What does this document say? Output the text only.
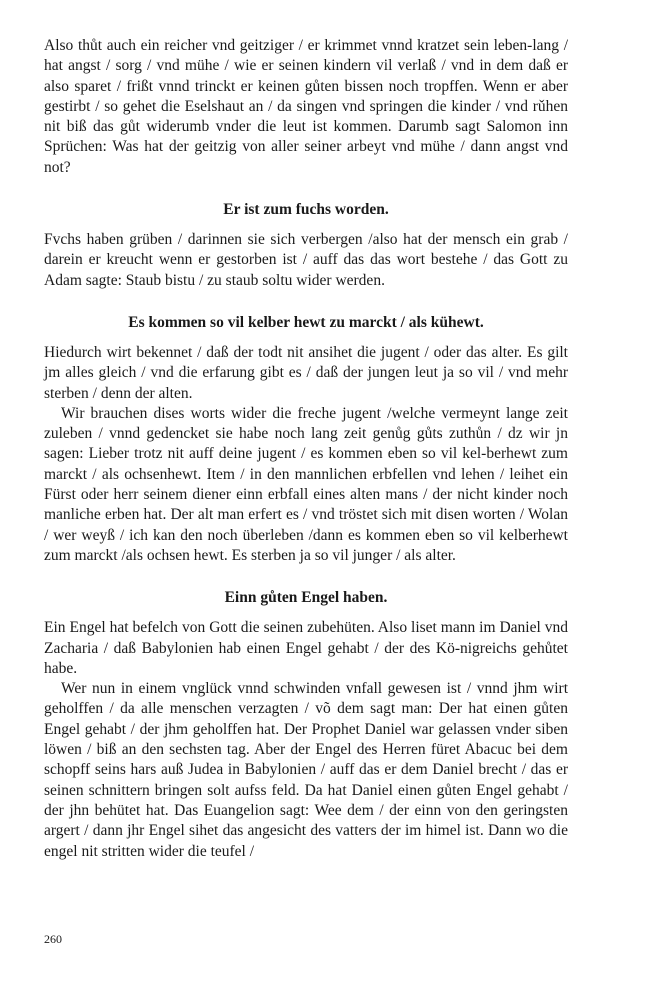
Also thůt auch ein reicher vnd geitziger / er krimmet vnnd kratzet sein leben-lang / hat angst / sorg / vnd mühe / wie er seinen kindern vil verlaß / vnd in dem daß er also sparet / frißt vnnd trinckt er keinen gůten bissen noch tropffen. Wenn er aber gestirbt / so gehet die Eselshaut an / da singen vnd springen die kinder / vnd rǔhen nit biß das gůt widerumb vnder die leut ist kommen. Darumb sagt Salomon inn Sprüchen: Was hat der geitzig von aller seiner arbeyt vnd mühe / dann angst vnd not?

Er ist zum fuchs worden.

Fvchs haben grüben / darinnen sie sich verbergen /also hat der mensch ein grab / darein er kreucht wenn er gestorben ist / auff das das wort bestehe / das Gott zu Adam sagte: Staub bistu / zu staub soltu wider werden.

Es kommen so vil kelber hewt zu marckt / als kühewt.

Hiedurch wirt bekennet / daß der todt nit ansihet die jugent / oder das alter. Es gilt jm alles gleich / vnd die erfarung gibt es / daß der jungen leut ja so vil / vnd mehr sterben / denn der alten.

Wir brauchen dises worts wider die freche jugent /welche vermeynt lange zeit zuleben / vnnd gedencket sie habe noch lang zeit genůg gůts zuthůn / dz wir jn sagen: Lieber trotz nit auff deine jugent / es kommen eben so vil kel-berhewt zum marckt / als ochsenhewt. Item / in den mannlichen erbfellen vnd lehen / leihet ein Fürst oder herr seinem diener einn erbfall eines alten mans / der nicht kinder noch manliche erben hat. Der alt man erfert es / vnd tröstet sich mit disen worten / Wolan / wer weyß / ich kan den noch überleben /dann es kommen eben so vil kelberhewt zum marckt /als ochsen hewt. Es sterben ja so vil junger / als alter.

Einn gůten Engel haben.

Ein Engel hat befelch von Gott die seinen zubehüten. Also liset mann im Daniel vnd Zacharia / daß Babylonien hab einen Engel gehabt / der des Kö-nigreichs gehůtet habe.

Wer nun in einem vnglück vnnd schwinden vnfall gewesen ist / vnnd jhm wirt geholffen / da alle menschen verzagten / võ dem sagt man: Der hat einen gůten Engel gehabt / der jhm geholffen hat. Der Prophet Daniel war gelassen vnder siben löwen / biß an den sechsten tag. Aber der Engel des Herren füret Abacuc bei dem schopff seins hars auß Judea in Babylonien / auff das er dem Daniel brecht / das er seinen schnittern bringen solt aufss feld. Da hat Daniel einen gůten Engel gehabt / der jhn behütet hat. Das Euangelion sagt: Wee dem / der einn von den geringsten argert / dann jhr Engel sihet das angesicht des vatters der im himel ist. Dann wo die engel nit stritten wider die teufel /

260
